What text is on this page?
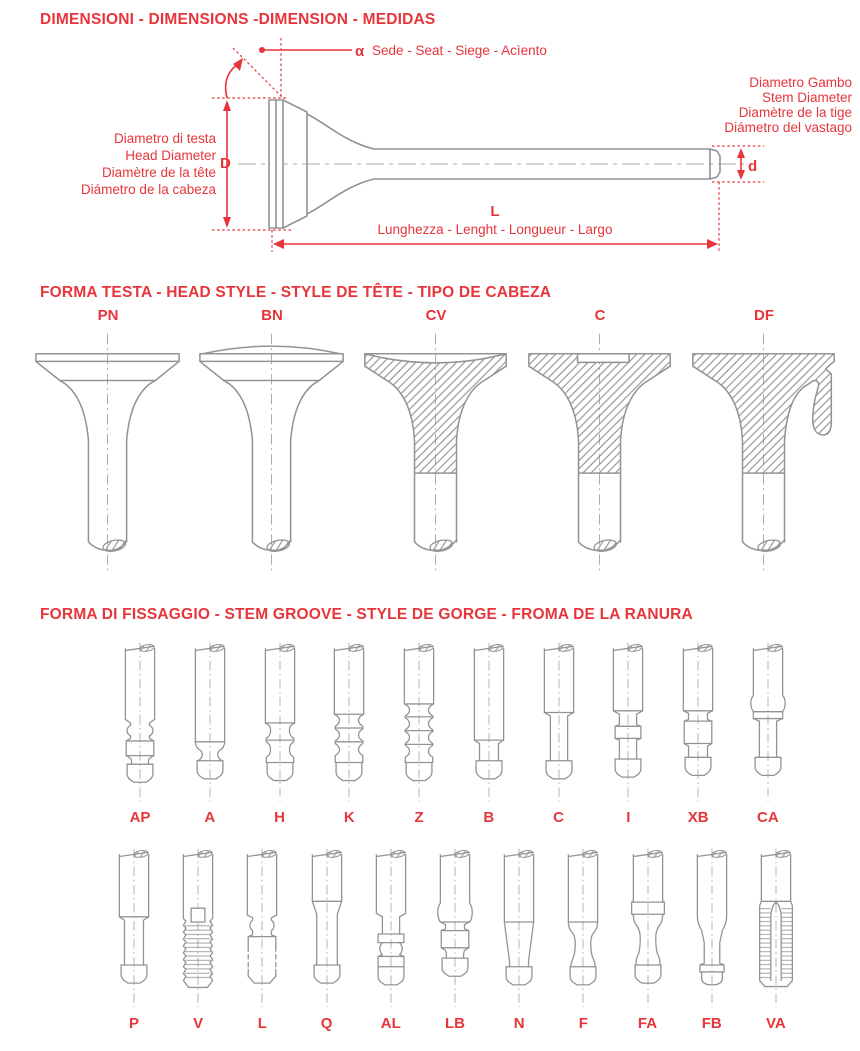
DIMENSIONI - DIMENSIONS -DIMENSION - MEDIDAS
α Sede - Seat - Siege - Acìento
Diametro di testa
Head Diameter
Diamètre de la tête
Diámetro de la cabeza
D	d
Diametro Gambo
Stem Diameter
Diamètre de la tige
Diámetro del vastago
L
Lunghezza - Lenght - Longueur - Largo
FORMA TESTA - HEAD STYLE - STYLE DE TÊTE - TIPO DE CABEZA
PN	BN	CV	C	DF
FORMA DI FISSAGGIO - STEM GROOVE - STYLE DE GORGE - FROMA DE LA RANURA
AP	A	H	K	Z	B	C	I	XB	CA
P	V	L	Q	AL	LB	N	F	FA	FB	VA
